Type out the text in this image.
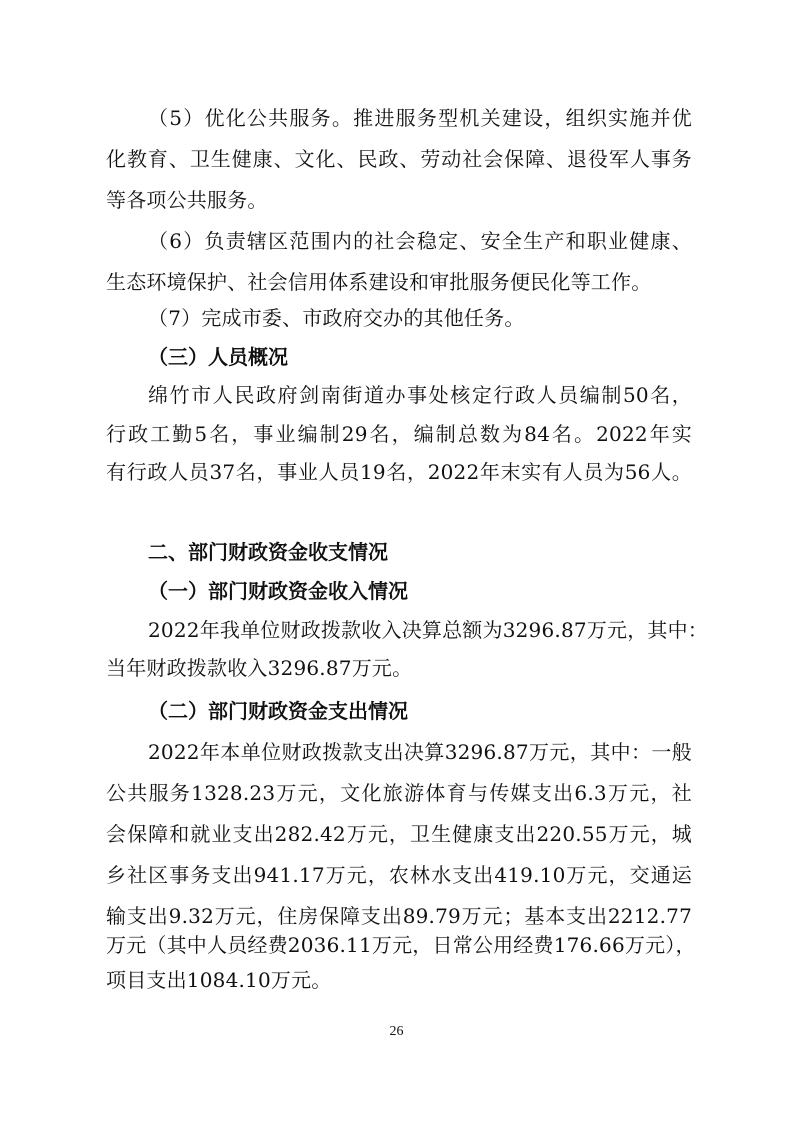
（5）优化公共服务。推进服务型机关建设，组织实施并优
化教育、卫生健康、文化、民政、劳动社会保障、退役军人事务
等各项公共服务。
（6）负责辖区范围内的社会稳定、安全生产和职业健康、
生态环境保护、社会信用体系建设和审批服务便民化等工作。
（7）完成市委、市政府交办的其他任务。
（三）人员概况
绵竹市人民政府剑南街道办事处核定行政人员编制50名，
行政工勤5名，事业编制29名，编制总数为84名。2022年实
有行政人员37名，事业人员19名，2022年末实有人员为56人。
二、部门财政资金收支情况
（一）部门财政资金收入情况
2022年我单位财政拨款收入决算总额为3296.87万元，其中：
当年财政拨款收入3296.87万元。
（二）部门财政资金支出情况
2022年本单位财政拨款支出决算3296.87万元，其中：一般
公共服务1328.23万元，文化旅游体育与传媒支出6.3万元，社
会保障和就业支出282.42万元，卫生健康支出220.55万元，城
乡社区事务支出941.17万元，农林水支出419.10万元，交通运
输支出9.32万元，住房保障支出89.79万元；基本支出2212.77
万元（其中人员经费2036.11万元，日常公用经费176.66万元），
项目支出1084.10万元。
26
